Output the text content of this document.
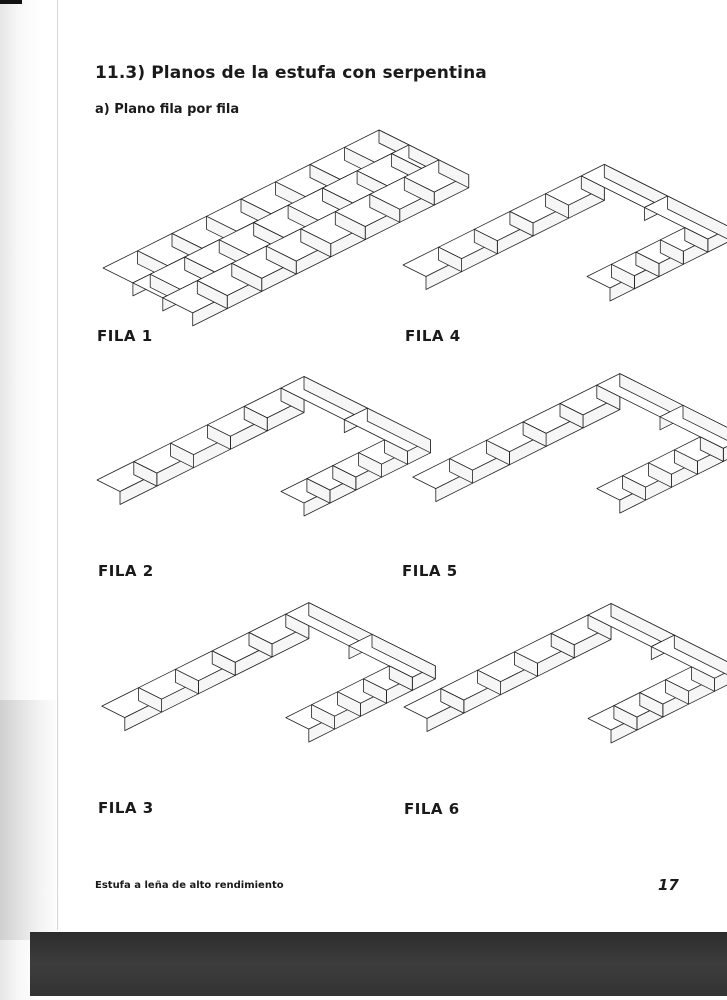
11.3) Planos de la estufa con serpentina
a) Plano fila por fila
FILA 1
FILA 2
FILA 3
FILA 4
FILA 5
FILA 6
Estufa a leña de alto rendimiento	17
